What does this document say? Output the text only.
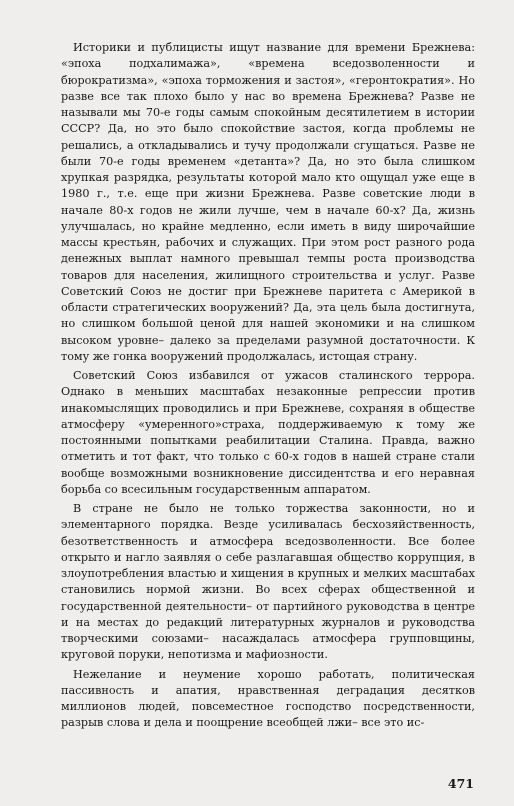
Историки и публицисты ищут название для времени Брежнева: «эпоха подхалимажа», «времена вседозволенности и бюрократизма», «эпоха торможения и застоя», «геронтократия». Но разве все так плохо было у нас во времена Брежнева? Разве не называли мы 70-е годы самым спокойным десятилетием в истории СССР? Да, но это было спокойствие застоя, когда проблемы не решались, а откладывались и тучу продолжали сгущаться. Разве не были 70-е годы временем «детанта»? Да, но это была слишком хрупкая разрядка, результаты которой мало кто ощущал уже еще в 1980 г., т.е. еще при жизни Брежнева. Разве советские люди в начале 80-х годов не жили лучше, чем в начале 60-х? Да, жизнь улучшалась, но крайне медленно, если иметь в виду широчайшие массы крестьян, рабочих и служащих. При этом рост разного рода денежных выплат намного превышал темпы роста производства товаров для населения, жилищного строительства и услуг. Разве Советский Союз не достиг при Брежневе паритета с Америкой в области стратегических вооружений? Да, эта цель была достигнута, но слишком большой ценой для нашей экономики и на слишком высоком уровне– далеко за пределами разумной достаточности. К тому же гонка вооружений продолжалась, истощая страну.

Советский Союз избавился от ужасов сталинского террора. Однако в меньших масштабах незаконные репрессии против инакомыслящих проводились и при Брежневе, сохраняя в обществе атмосферу «умеренного»страха, поддерживаемую к тому же постоянными попытками реабилитации Сталина. Правда, важно отметить и тот факт, что только с 60-х годов в нашей стране стали вообще возможными возникновение диссидентства и его неравная борьба со всесильным государственным аппаратом.

В стране не было не только торжества законности, но и элементарного порядка. Везде усиливалась бесхозяйственность, безответственность и атмосфера вседозволенности. Все более открыто и нагло заявляя о себе разлагавшая общество коррупция, в злоупотребления властью и хищения в крупных и мелких масштабах становились нормой жизни. Во всех сферах общественной и государственной деятельности– от партийного руководства в центре и на местах до редакций литературных журналов и руководства творческими союзами– насаждалась атмосфера групповщины, круговой поруки, непотизма и мафиозности.

Нежелание и неумение хорошо работать, политическая пассивность и апатия, нравственная деградация десятков миллионов людей, повсеместное господство посредственности, разрыв слова и дела и поощрение всеобщей лжи– все это ис-

471
